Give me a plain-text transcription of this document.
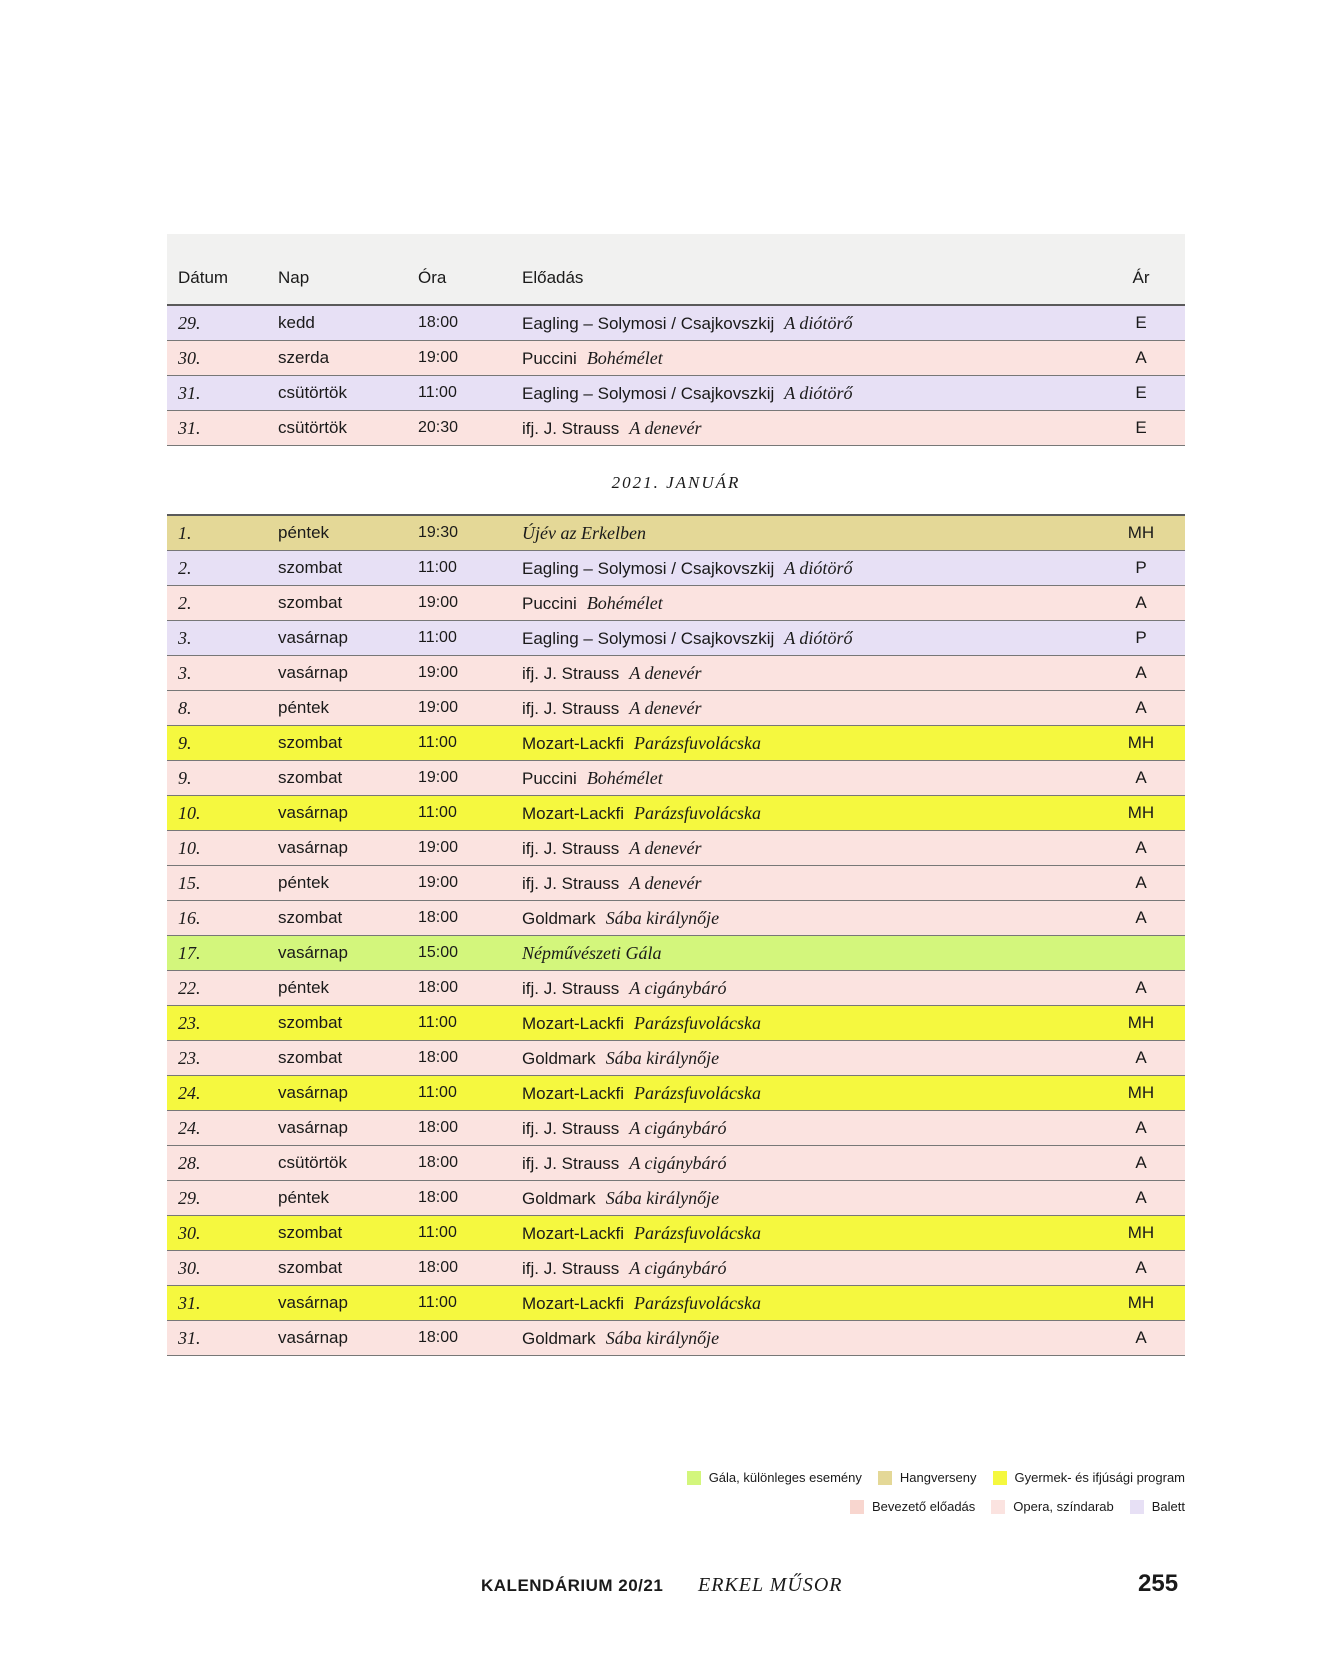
Dátum	Nap	Óra	Előadás	Ár
29.	kedd	18:00	Eagling – Solymosi / Csajkovszkij A diótörő	E
30.	szerda	19:00	Puccini Bohémélet	A
31.	csütörtök	11:00	Eagling – Solymosi / Csajkovszkij A diótörő	E
31.	csütörtök	20:30	ifj. J. Strauss A denevér	E
2021. JANUÁR				
1.	péntek	19:30	Újév az Erkelben	MH
2.	szombat	11:00	Eagling – Solymosi / Csajkovszkij A diótörő	P
2.	szombat	19:00	Puccini Bohémélet	A
3.	vasárnap	11:00	Eagling – Solymosi / Csajkovszkij A diótörő	P
3.	vasárnap	19:00	ifj. J. Strauss A denevér	A
8.	péntek	19:00	ifj. J. Strauss A denevér	A
9.	szombat	11:00	Mozart-Lackfi Parázsfuvolácska	MH
9.	szombat	19:00	Puccini Bohémélet	A
10.	vasárnap	11:00	Mozart-Lackfi Parázsfuvolácska	MH
10.	vasárnap	19:00	ifj. J. Strauss A denevér	A
15.	péntek	19:00	ifj. J. Strauss A denevér	A
16.	szombat	18:00	Goldmark Sába királynője	A
17.	vasárnap	15:00	Népművészeti Gála	
22.	péntek	18:00	ifj. J. Strauss A cigánybáró	A
23.	szombat	11:00	Mozart-Lackfi Parázsfuvolácska	MH
23.	szombat	18:00	Goldmark Sába királynője	A
24.	vasárnap	11:00	Mozart-Lackfi Parázsfuvolácska	MH
24.	vasárnap	18:00	ifj. J. Strauss A cigánybáró	A
28.	csütörtök	18:00	ifj. J. Strauss A cigánybáró	A
29.	péntek	18:00	Goldmark Sába királynője	A
30.	szombat	11:00	Mozart-Lackfi Parázsfuvolácska	MH
30.	szombat	18:00	ifj. J. Strauss A cigánybáró	A
31.	vasárnap	11:00	Mozart-Lackfi Parázsfuvolácska	MH
31.	vasárnap	18:00	Goldmark Sába királynője	A
Gála, különleges esemény	Hangverseny	Gyermek- és ifjúsági program
Bevezető előadás	Opera, színdarab	Balett
KALENDÁRIUM 20/21 ERKEL MŰSOR	255
